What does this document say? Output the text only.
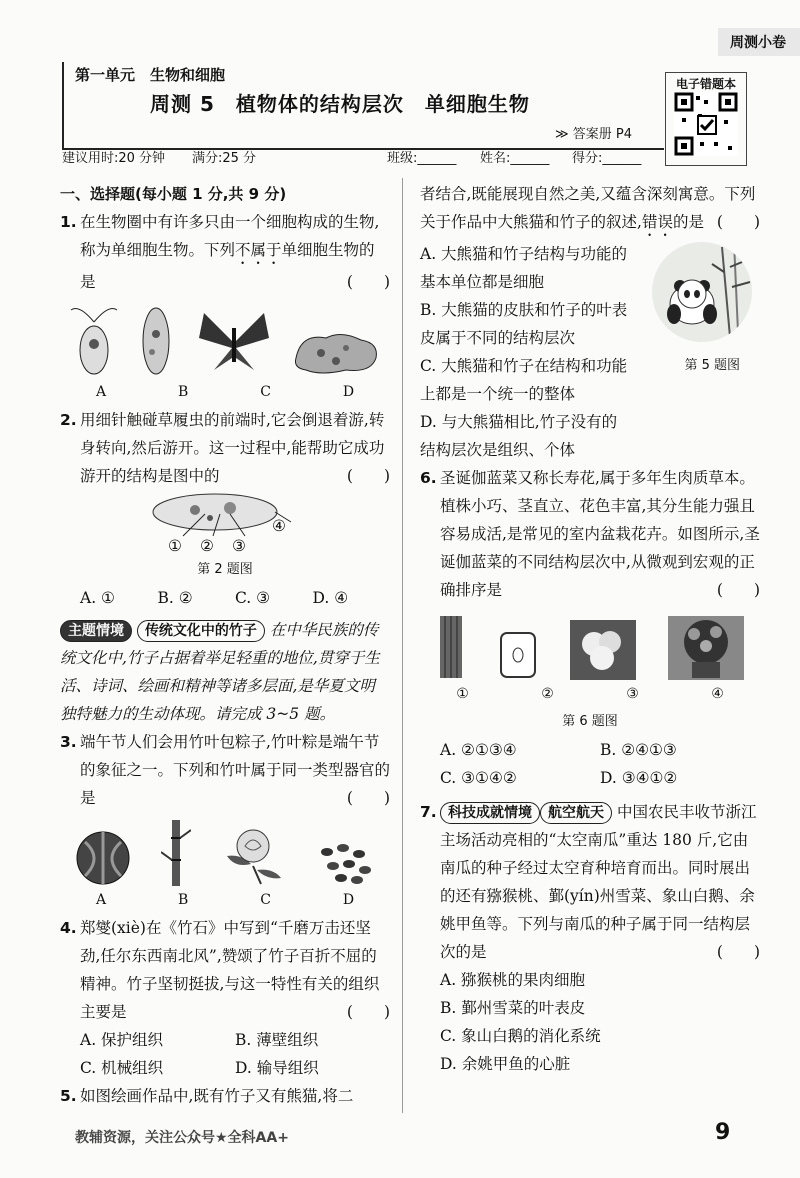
周测小卷
第一单元　生物和细胞
周测 5　植物体的结构层次　单细胞生物
≫ 答案册 P4
建议用时:20 分钟 满分:25 分	班级:______ 姓名:______ 得分:______
电子错题本
一、选择题(每小题 1 分,共 9 分)
1. 在生物圈中有许多只由一个细胞构成的生物,称为单细胞生物。下列不属于单细胞生物的是	(　　)
A	B	C	D
2. 用细针触碰草履虫的前端时,它会倒退着游,转身转向,然后游开。这一过程中,能帮助它成功游开的结构是图中的	(　　)
① ② ③
④
第 2 题图
A. ①	B. ②	C. ③	D. ④
主题情境 传统文化中的竹子 在中华民族的传统文化中,竹子占据着举足轻重的地位,贯穿于生活、诗词、绘画和精神等诸多层面,是华夏文明独特魅力的生动体现。请完成 3~5 题。
3. 端午节人们会用竹叶包粽子,竹叶粽是端午节的象征之一。下列和竹叶属于同一类型器官的是	(　　)
A	B	C	D
4. 郑燮(xiè)在《竹石》中写到“千磨万击还坚劲,任尔东西南北风”,赞颂了竹子百折不屈的精神。竹子坚韧挺拔,与这一特性有关的组织主要是	(　　)
A. 保护组织	B. 薄壁组织
C. 机械组织	D. 输导组织
5. 如图绘画作品中,既有竹子又有熊猫,将二
者结合,既能展现自然之美,又蕴含深刻寓意。下列关于作品中大熊猫和竹子的叙述,错误的是 (　　)
A. 大熊猫和竹子结构与功能的基本单位都是细胞
B. 大熊猫的皮肤和竹子的叶表皮属于不同的结构层次
C. 大熊猫和竹子在结构和功能上都是一个统一的整体
D. 与大熊猫相比,竹子没有的结构层次是组织、个体
第 5 题图
6. 圣诞伽蓝菜又称长寿花,属于多年生肉质草本。植株小巧、茎直立、花色丰富,其分生能力强且容易成活,是常见的室内盆栽花卉。如图所示,圣诞伽蓝菜的不同结构层次中,从微观到宏观的正确排序是	(　　)
①	②	③	④
第 6 题图
A. ②①③④	B. ②④①③
C. ③①④②	D. ③④①②
7. 科技成就情境 航空航天 中国农民丰收节浙江主场活动亮相的“太空南瓜”重达 180 斤,它由南瓜的种子经过太空育种培育而出。同时展出的还有猕猴桃、鄞(yín)州雪菜、象山白鹅、余姚甲鱼等。下列与南瓜的种子属于同一结构层次的是	(　　)
A. 猕猴桃的果肉细胞
B. 鄞州雪菜的叶表皮
C. 象山白鹅的消化系统
D. 余姚甲鱼的心脏
教辅资源，关注公众号★全科AA+	9
